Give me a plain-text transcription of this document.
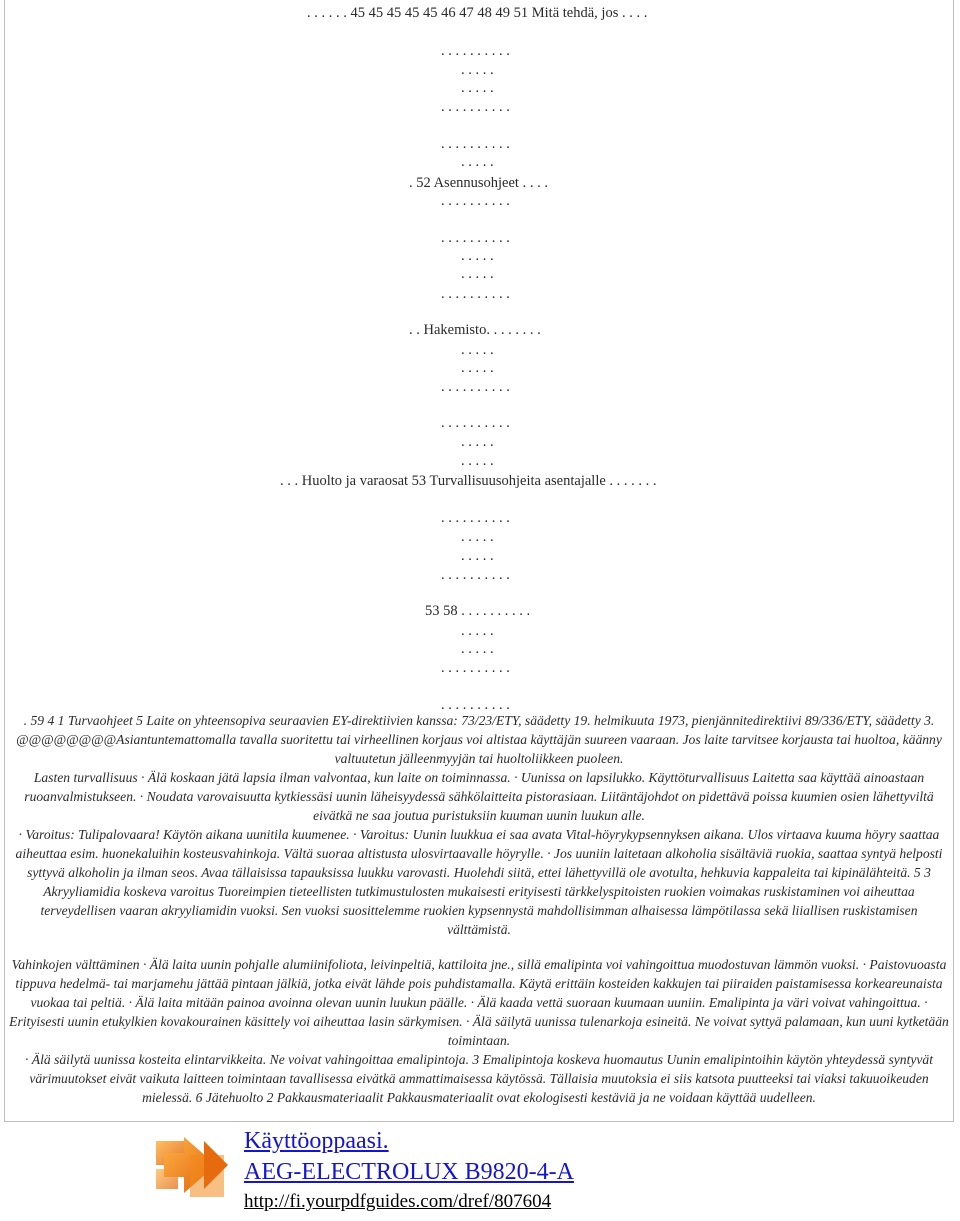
. . . . . . 45 45 45 45 45 46 47 48 49 51 Mitä tehdä, jos . . . .
. . . . . . . . . .
. . . . .
. . . . .
. . . . . . . . . .
. . . . . . . . . .
. . . . .
. 52 Asennusohjeet . . . .
. . . . . . . . . .
. . . . . . . . . .
. . . . .
. . . . .
. . . . . . . . . .
. . Hakemisto. . . . . . . .
. . . . .
. . . . .
. . . . . . . . . .
. . . . . . . . . .
. . . . .
. . . . .
. . . Huolto ja varaosat 53 Turvallisuusohjeita asentajalle . . . . . . .
. . . . . . . . . .
. . . . .
. . . . .
. . . . . . . . . .
53 58 . . . . . . . . . .
. . . . .
. . . . .
. . . . . . . . . .
. . . . . . . . . .

. 59 4 1 Turvaohjeet 5 Laite on yhteensopiva seuraavien EY-direktiivien kanssa: 73/23/ETY, säädetty 19. helmikuuta 1973, pienjännitedirektiivi 89/336/ETY, säädetty 3. @@@@@@@@Asiantuntemattomalla tavalla suoritettu tai virheellinen korjaus voi altistaa käyttäjän suureen vaaraan. Jos laite tarvitsee korjausta tai huoltoa, käänny valtuutetun jälleenmyyjän tai huoltoliikkeen puoleen.

Lasten turvallisuus · Älä koskaan jätä lapsia ilman valvontaa, kun laite on toiminnassa. · Uunissa on lapsilukko. Käyttöturvallisuus Laitetta saa käyttää ainoastaan ruoanvalmistukseen. · Noudata varovaisuutta kytkiessäsi uunin läheisyydessä sähkölaitteita pistorasiaan. Liitäntäjohdot on pidettävä poissa kuumien osien lähettyviltä eivätkä ne saa joutua puristuksiin kuuman uunin luukun alle.

· Varoitus: Tulipalovaara! Käytön aikana uunitila kuumenee. · Varoitus: Uunin luukkua ei saa avata Vital-höyrykypsennyksen aikana. Ulos virtaava kuuma höyry saattaa aiheuttaa esim. huonekaluihin kosteusvahinkoja. Vältä suoraa altistusta ulosvirtaavalle höyrylle. · Jos uuniin laitetaan alkoholia sisältäviä ruokia, saattaa syntyä helposti syttyvä alkoholin ja ilman seos. Avaa tällaisissa tapauksissa luukku varovasti. Huolehdi siitä, ettei lähettyvillä ole avotulta, hehkuvia kappaleita tai kipinälähteitä. 5 3 Akryyliamidia koskeva varoitus Tuoreimpien tieteellisten tutkimustulosten mukaisesti erityisesti tärkkelyspitoisten ruokien voimakas ruskistaminen voi aiheuttaa terveydellisen vaaran akryyliamidin vuoksi. Sen vuoksi suosittelemme ruokien kypsennystä mahdollisimman alhaisessa lämpötilassa sekä liiallisen ruskistamisen välttämistä.

Vahinkojen välttäminen · Älä laita uunin pohjalle alumiinifoliota, leivinpeltiä, kattiloita jne., sillä emalipinta voi vahingoittua muodostuvan lämmön vuoksi. · Paistovuoasta tippuva hedelmä- tai marjamehu jättää pintaan jälkiä, jotka eivät lähde pois puhdistamalla. Käytä erittäin kosteiden kakkujen tai piiraiden paistamisessa korkeareunaista vuokaa tai peltiä. · Älä laita mitään painoa avoinna olevan uunin luukun päälle. · Älä kaada vettä suoraan kuumaan uuniin. Emalipinta ja väri voivat vahingoittua. · Erityisesti uunin etukylkien kovakourainen käsittely voi aiheuttaa lasin särkymisen. · Älä säilytä uunissa tulenarkoja esineitä. Ne voivat syttyä palamaan, kun uuni kytketään toimintaan.

· Älä säilytä uunissa kosteita elintarvikkeita. Ne voivat vahingoittaa emalipintoja. 3 Emalipintoja koskeva huomautus Uunin emalipintoihin käytön yhteydessä syntyvät värimuutokset eivät vaikuta laitteen toimintaan tavallisessa eivätkä ammattimaisessa käytössä. Tällaisia muutoksia ei siis katsota puutteeksi tai viaksi takuuoikeuden mielessä. 6 Jätehuolto 2 Pakkausmateriaalit Pakkausmateriaalit ovat ekologisesti kestäviä ja ne voidaan käyttää uudelleen.

Käyttöoppaasi.
AEG-ELECTROLUX B9820-4-A
http://fi.yourpdfguides.com/dref/807604
